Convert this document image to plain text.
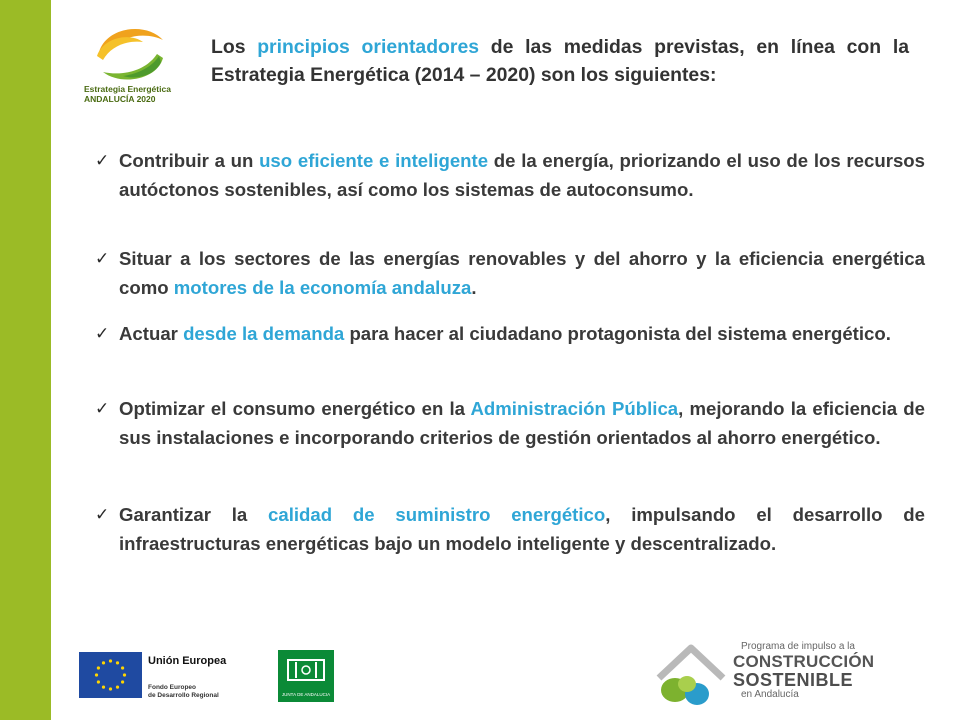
Estrategia Energética
ANDALUCÍA 2020
Los principios orientadores de las medidas previstas, en línea con la Estrategia Energética (2014 – 2020) son los siguientes:
✓ Contribuir a un uso eficiente e inteligente de la energía, priorizando el uso de los recursos autóctonos sostenibles, así como los sistemas de autoconsumo.
✓ Situar a los sectores de las energías renovables y del ahorro y la eficiencia energética como motores de la economía andaluza.
✓ Actuar desde la demanda para hacer al ciudadano protagonista del sistema energético.
✓ Optimizar el consumo energético en la Administración Pública, mejorando la eficiencia de sus instalaciones e incorporando criterios de gestión orientados al ahorro energético.
✓ Garantizar la calidad de suministro energético, impulsando el desarrollo de infraestructuras energéticas bajo un modelo inteligente y descentralizado.
Unión Europea
Fondo Europeo
de Desarrollo Regional	JUNTA DE ANDALUCIA
Programa de impulso a la
CONSTRUCCIÓN
SOSTENIBLE
en Andalucía
